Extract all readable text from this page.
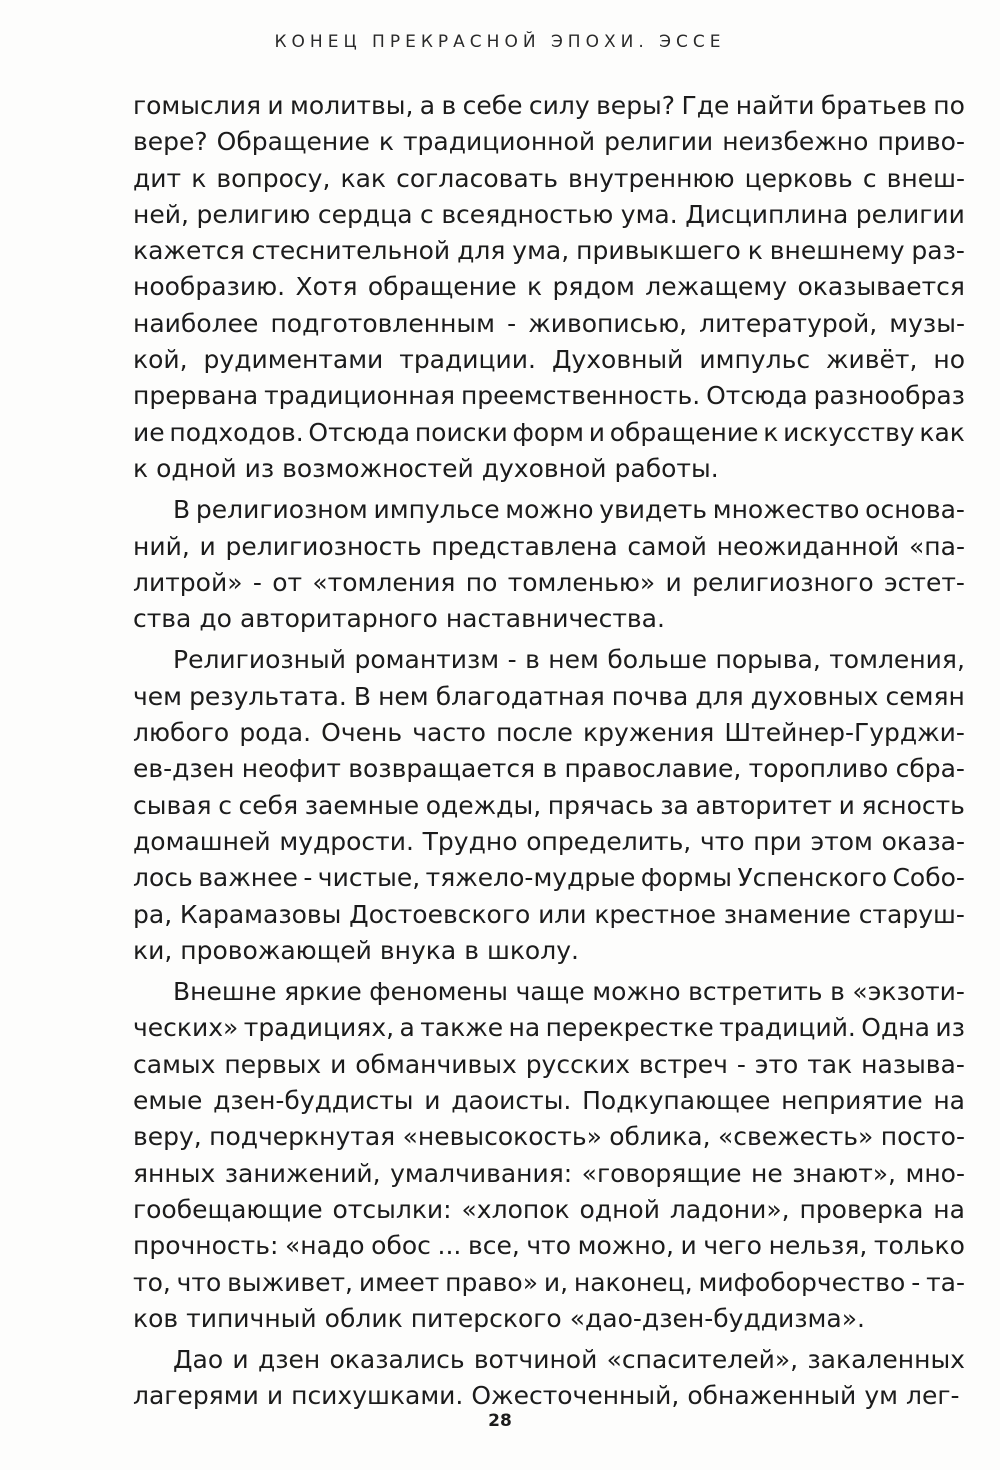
КОНЕЦ ПРЕКРАСНОЙ ЭПОХИ. ЭССЕ
гомыслия и молитвы, а в себе силу веры? Где найти братьев по
вере? Обращение к традиционной религии неизбежно приво-
дит к вопросу, как согласовать внутреннюю церковь с внеш-
ней, религию сердца с всеядностью ума. Дисциплина религии
кажется стеснительной для ума, привыкшего к внешнему раз-
нообразию. Хотя обращение к рядом лежащему оказывается
наиболее подготовленным - живописью, литературой, музы-
кой, рудиментами традиции. Духовный импульс живёт, но
прервана традиционная преемственность. Отсюда разнообраз
ие подходов. Отсюда поиски форм и обращение к искусству как
к одной из возможностей духовной работы.
В религиозном импульсе можно увидеть множество основа-
ний, и религиозность представлена самой неожиданной «па-
литрой» - от «томления по томленью» и религиозного эстет-
ства до авторитарного наставничества.
Религиозный романтизм - в нем больше порыва, томления,
чем результата. В нем благодатная почва для духовных семян
любого рода. Очень часто после кружения Штейнер-Гурджи-
ев-дзен неофит возвращается в православие, торопливо сбра-
сывая с себя заемные одежды, прячась за авторитет и ясность
домашней мудрости. Трудно определить, что при этом оказа-
лось важнее - чистые, тяжело-мудрые формы Успенского Собо-
ра, Карамазовы Достоевского или крестное знамение старуш-
ки, провожающей внука в школу.
Внешне яркие феномены чаще можно встретить в «экзоти-
ческих» традициях, а также на перекрестке традиций. Одна из
самых первых и обманчивых русских встреч - это так называ-
емые дзен-буддисты и даоисты. Подкупающее неприятие на
веру, подчеркнутая «невысокость» облика, «свежесть» посто-
янных занижений, умалчивания: «говорящие не знают», мно-
гообещающие отсылки: «хлопок одной ладони», проверка на
прочность: «надо обос ... все, что можно, и чего нельзя, только
то, что выживет, имеет право» и, наконец, мифоборчество - та-
ков типичный облик питерского «дао-дзен-буддизма».
Дао и дзен оказались вотчиной «спасителей», закаленных
лагерями и психушками. Ожесточенный, обнаженный ум лег-
28
